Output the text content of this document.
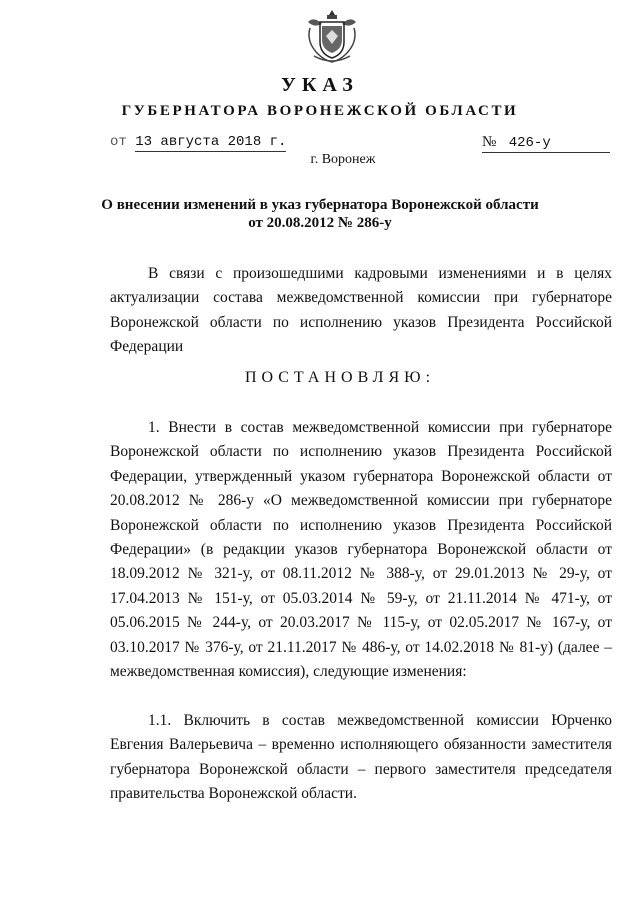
УКАЗ
ГУБЕРНАТОРА ВОРОНЕЖСКОЙ ОБЛАСТИ
от 13 августа 2018 г.	№ 426-у
г. Воронеж
О внесении изменений в указ губернатора Воронежской области
от 20.08.2012 № 286-у
В связи с произошедшими кадровыми изменениями и в целях актуализации состава межведомственной комиссии при губернаторе Воронежской области по исполнению указов Президента Российской Федерации
ПОСТАНОВЛЯЮ:
1. Внести в состав межведомственной комиссии при губернаторе Воронежской области по исполнению указов Президента Российской Федерации, утвержденный указом губернатора Воронежской области от 20.08.2012 № 286-у «О межведомственной комиссии при губернаторе Воронежской области по исполнению указов Президента Российской Федерации» (в редакции указов губернатора Воронежской области от 18.09.2012 № 321-у, от 08.11.2012 № 388-у, от 29.01.2013 № 29-у, от 17.04.2013 № 151-у, от 05.03.2014 № 59-у, от 21.11.2014 № 471-у, от 05.06.2015 № 244-у, от 20.03.2017 № 115-у, от 02.05.2017 № 167-у, от 03.10.2017 № 376-у, от 21.11.2017 № 486-у, от 14.02.2018 № 81-у) (далее – межведомственная комиссия), следующие изменения:
1.1. Включить в состав межведомственной комиссии Юрченко Евгения Валерьевича – временно исполняющего обязанности заместителя губернатора Воронежской области – первого заместителя председателя правительства Воронежской области.
